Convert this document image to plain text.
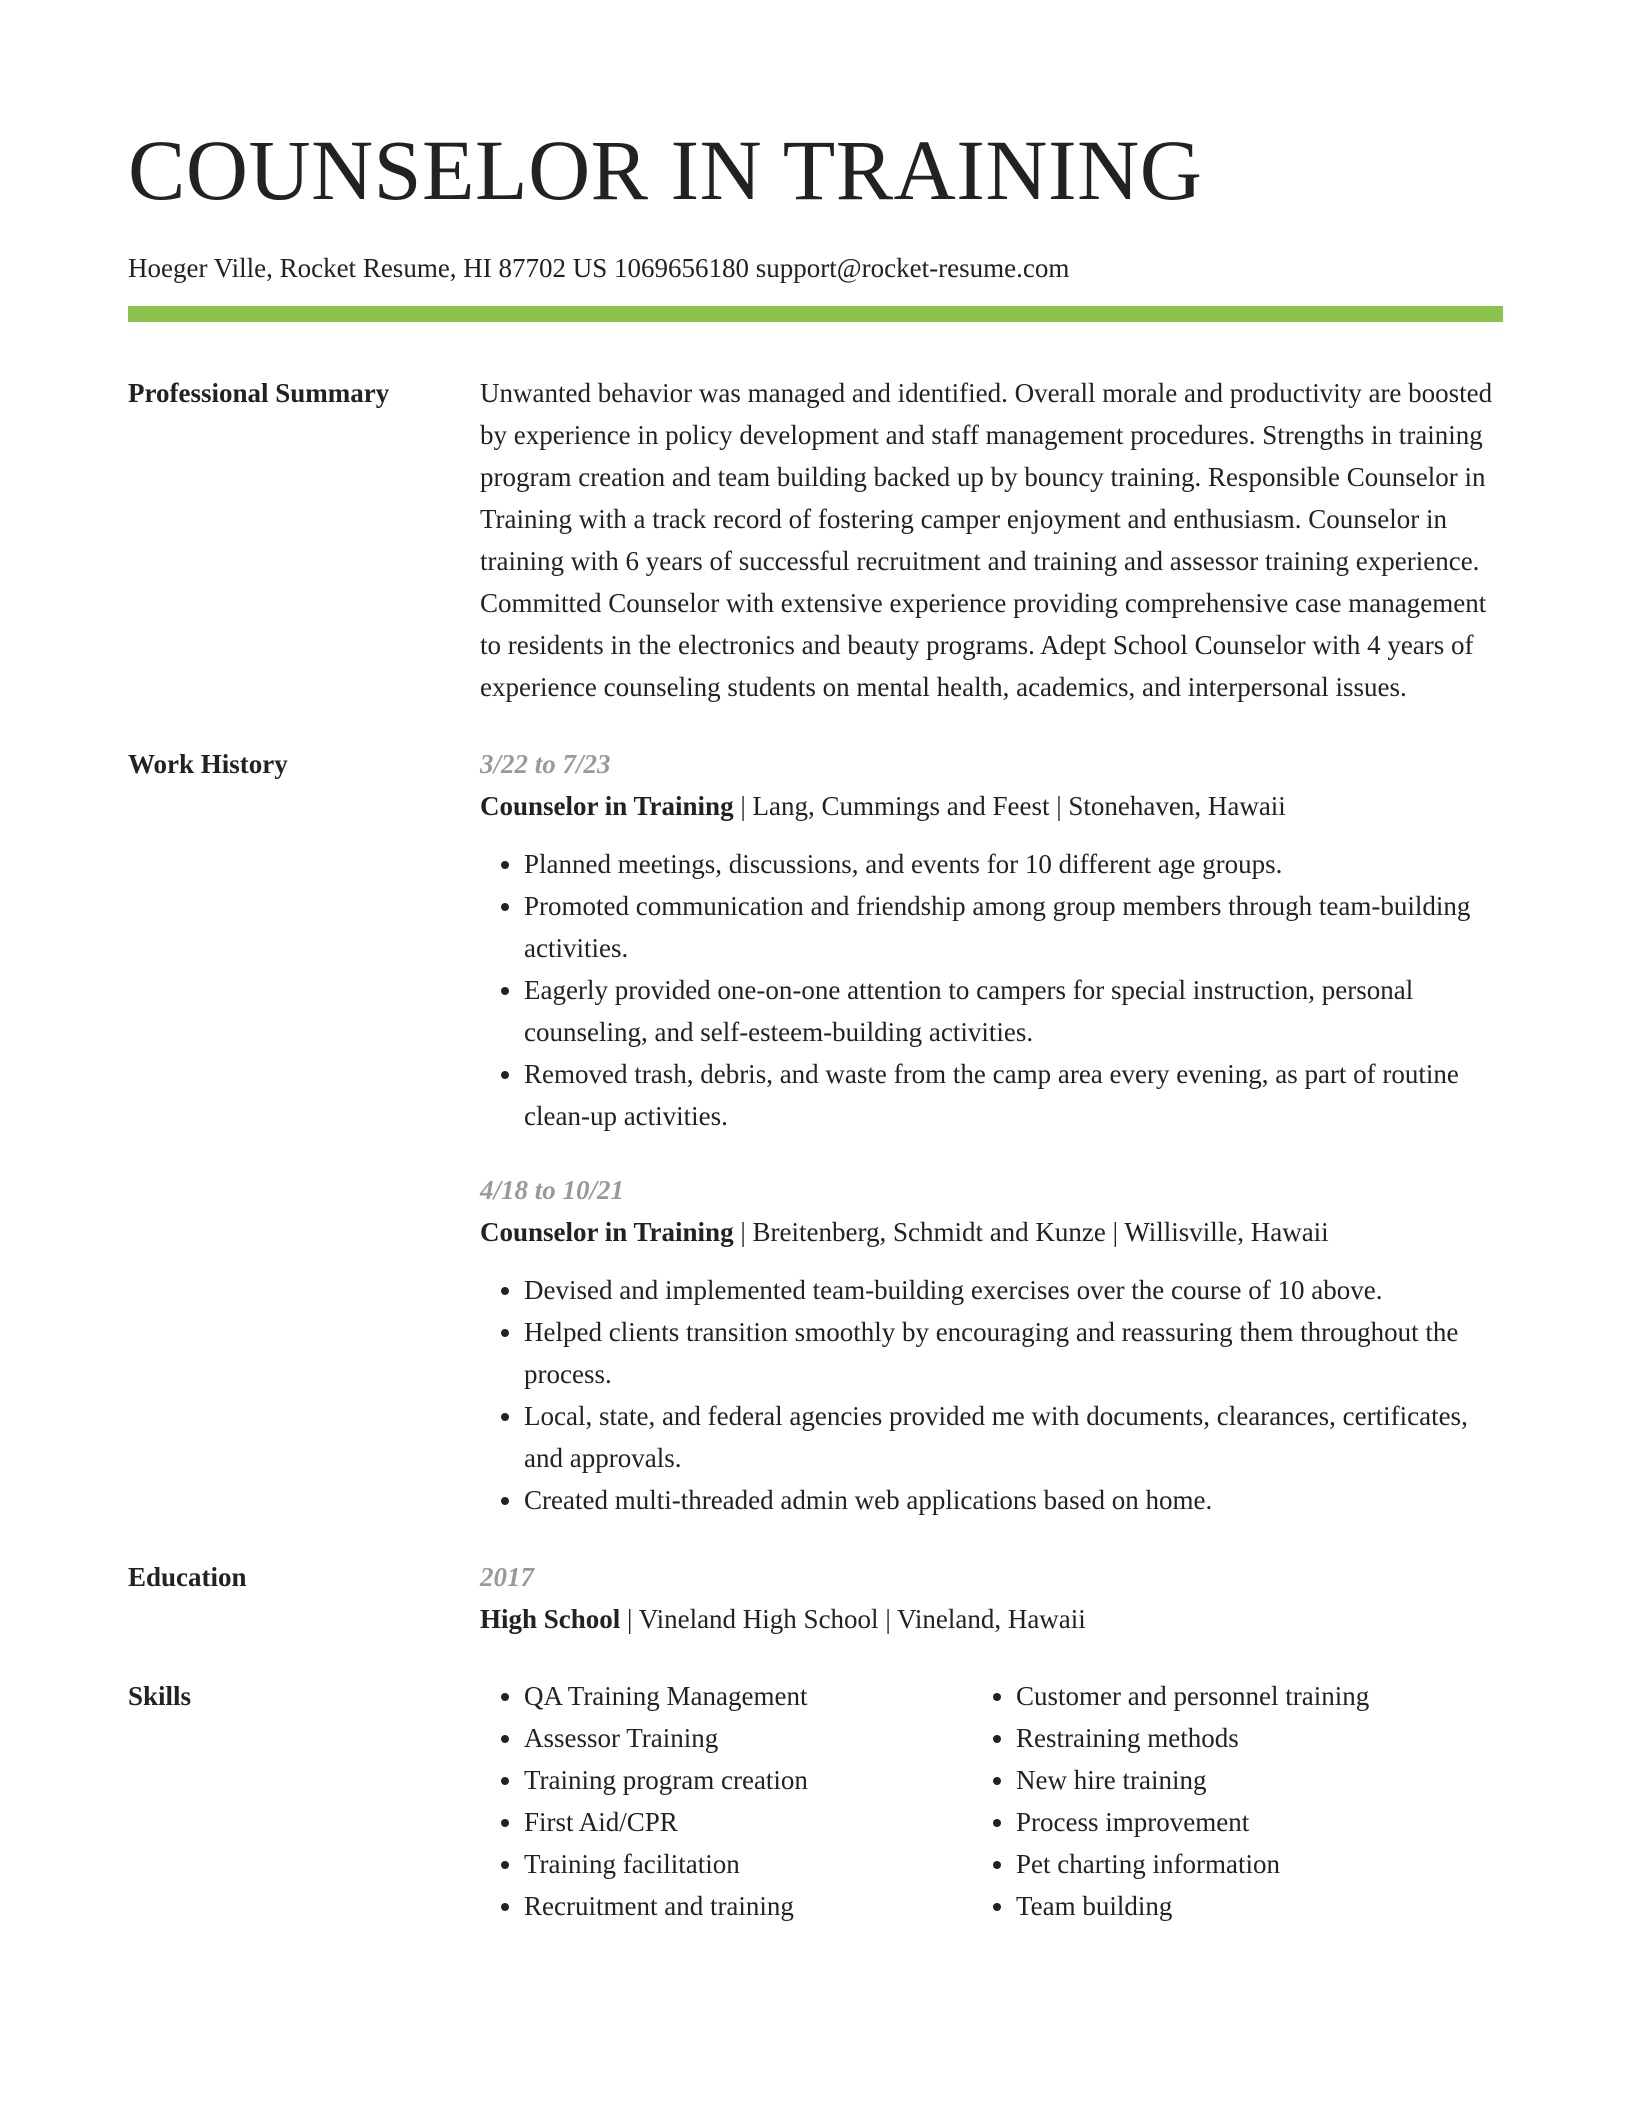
COUNSELOR IN TRAINING
Hoeger Ville, Rocket Resume, HI 87702 US 1069656180 support@rocket-resume.com
Professional Summary	Unwanted behavior was managed and identified. Overall morale and productivity are boosted by experience in policy development and staff management procedures. Strengths in training program creation and team building backed up by bouncy training. Responsible Counselor in Training with a track record of fostering camper enjoyment and enthusiasm. Counselor in training with 6 years of successful recruitment and training and assessor training experience. Committed Counselor with extensive experience providing comprehensive case management to residents in the electronics and beauty programs. Adept School Counselor with 4 years of experience counseling students on mental health, academics, and interpersonal issues.

Work History	3/22 to 7/23
Counselor in Training | Lang, Cummings and Feest | Stonehaven, Hawaii
• Planned meetings, discussions, and events for 10 different age groups.
• Promoted communication and friendship among group members through team-building activities.
• Eagerly provided one-on-one attention to campers for special instruction, personal counseling, and self-esteem-building activities.
• Removed trash, debris, and waste from the camp area every evening, as part of routine clean-up activities.
4/18 to 10/21
Counselor in Training | Breitenberg, Schmidt and Kunze | Willisville, Hawaii
• Devised and implemented team-building exercises over the course of 10 above.
• Helped clients transition smoothly by encouraging and reassuring them throughout the process.
• Local, state, and federal agencies provided me with documents, clearances, certificates, and approvals.
• Created multi-threaded admin web applications based on home.
Education	2017
High School | Vineland High School | Vineland, Hawaii
Skills
•	QA Training Management
• Assessor Training
• Training program creation
• First Aid/CPR
• Training facilitation
• Recruitment and training
• Customer and personnel training
• Restraining methods
• New hire training
• Process improvement
• Pet charting information
• Team building
